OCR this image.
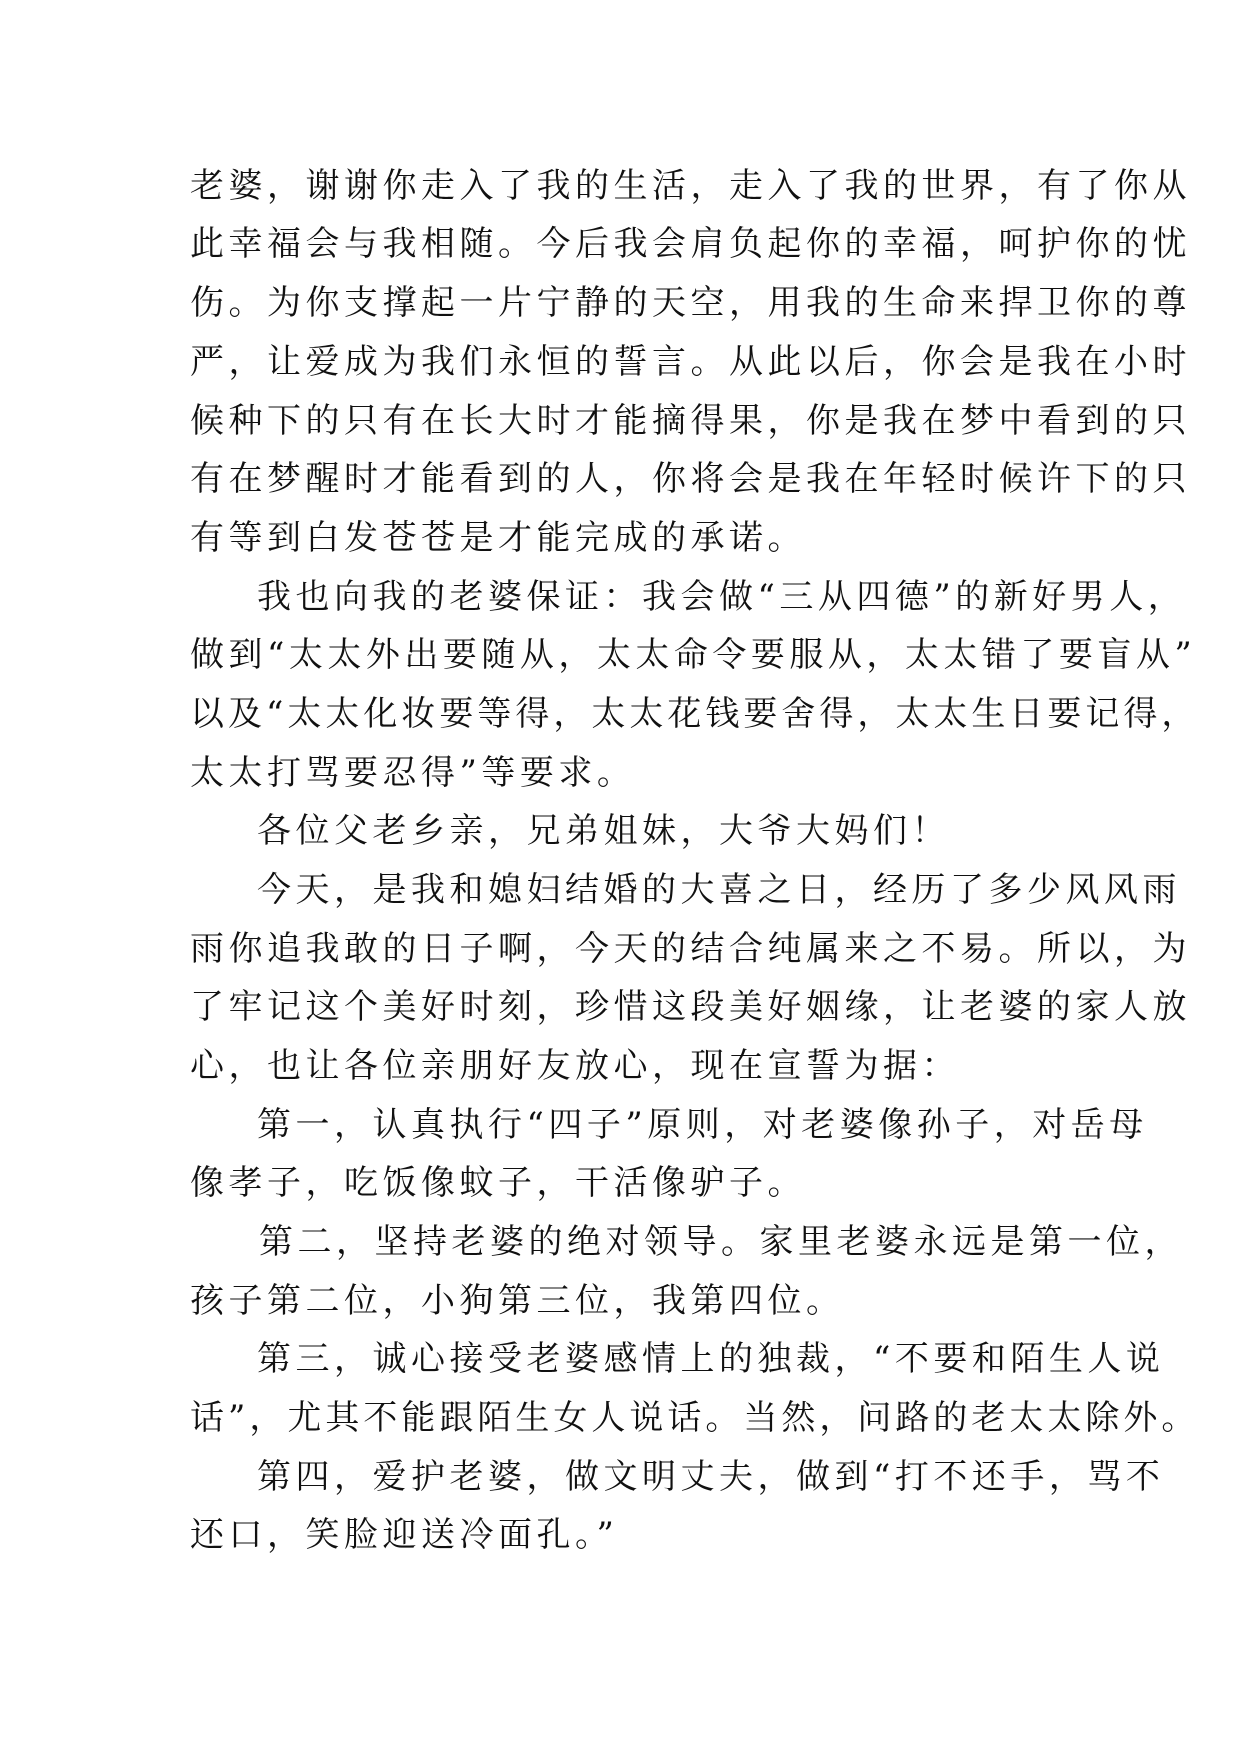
老婆，谢谢你走入了我的生活，走入了我的世界，有了你从
此幸福会与我相随。今后我会肩负起你的幸福，呵护你的忧
伤。为你支撑起一片宁静的天空，用我的生命来捍卫你的尊
严，让爱成为我们永恒的誓言。从此以后，你会是我在小时
候种下的只有在长大时才能摘得果，你是我在梦中看到的只
有在梦醒时才能看到的人，你将会是我在年轻时候许下的只
有等到白发苍苍是才能完成的承诺。
我也向我的老婆保证：我会做“三从四德”的新好男人，
做到“太太外出要随从，太太命令要服从，太太错了要盲从”
以及“太太化妆要等得，太太花钱要舍得，太太生日要记得，
太太打骂要忍得”等要求。
各位父老乡亲，兄弟姐妹，大爷大妈们！
今天，是我和媳妇结婚的大喜之日，经历了多少风风雨
雨你追我敢的日子啊，今天的结合纯属来之不易。所以，为
了牢记这个美好时刻，珍惜这段美好姻缘，让老婆的家人放
心，也让各位亲朋好友放心，现在宣誓为据：
第一，认真执行“四子”原则，对老婆像孙子，对岳母
像孝子，吃饭像蚊子，干活像驴子。
第二，坚持老婆的绝对领导。家里老婆永远是第一位，
孩子第二位，小狗第三位，我第四位。
第三，诚心接受老婆感情上的独裁，“不要和陌生人说
话”，尤其不能跟陌生女人说话。当然，问路的老太太除外。
第四，爱护老婆，做文明丈夫，做到“打不还手，骂不
还口，笑脸迎送冷面孔。”
